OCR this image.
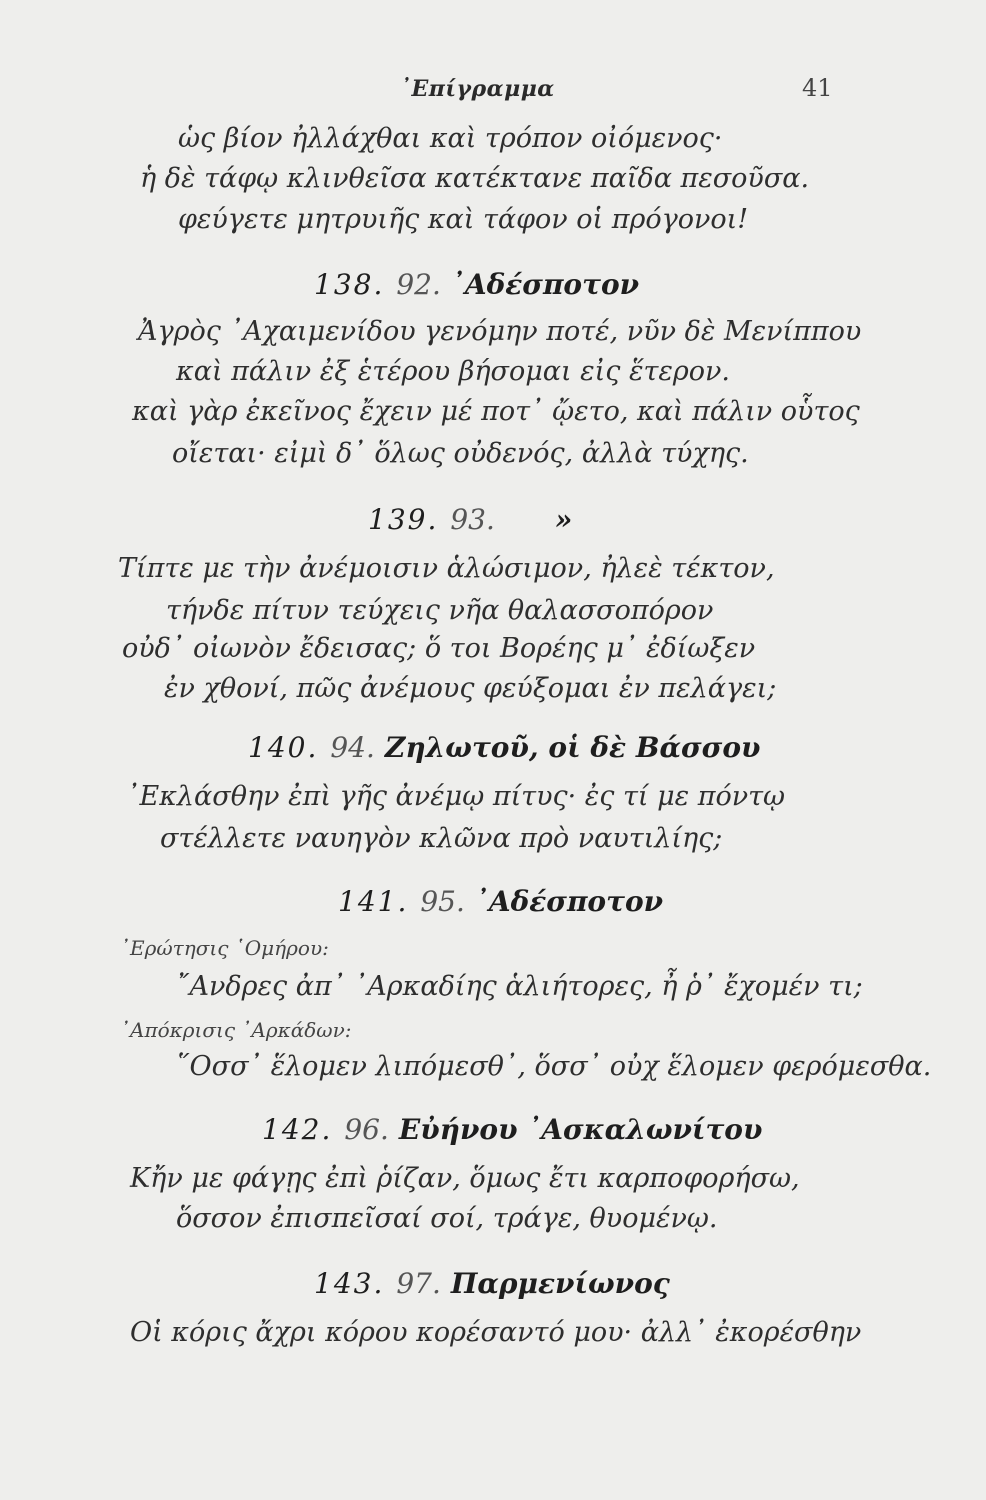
᾿Επίγραμμα	41
ὡς βίον ἠλλάχθαι καὶ τρόπον οἰόμενος·
ἡ δὲ τάφῳ κλινθεῖσα κατέκτανε παῖδα πεσοῦσα.
φεύγετε μητρυιῆς καὶ τάφον οἱ πρόγονοι!
138. 92. ᾿Αδέσποτον
Ἀγρὸς ᾿Αχαιμενίδου γενόμην ποτέ, νῦν δὲ Μενίππου
καὶ πάλιν ἐξ ἑτέρου βήσομαι εἰς ἕτερον.
καὶ γὰρ ἐκεῖνος ἔχειν μέ ποτ᾿ ᾤετο, καὶ πάλιν οὗτος
οἴεται· εἰμὶ δ᾿ ὅλως οὐδενός, ἀλλὰ τύχης.
139. 93. »
Τίπτε με τὴν ἀνέμοισιν ἁλώσιμον, ἠλεὲ τέκτον,
τήνδε πίτυν τεύχεις νῆα θαλασσοπόρον
οὐδ᾿ οἰωνὸν ἔδεισας; ὅ τοι Βορέης μ᾿ ἐδίωξεν
ἐν χθονί, πῶς ἀνέμους φεύξομαι ἐν πελάγει;
140. 94. Ζηλωτοῦ, οἱ δὲ Βάσσου
᾿Εκλάσθην ἐπὶ γῆς ἀνέμῳ πίτυς· ἐς τί με πόντῳ
στέλλετε ναυηγὸν κλῶνα πρὸ ναυτιλίης;
141. 95. ᾿Αδέσποτον
᾿Ερώτησις ῾Ομήρου:
῎Ανδρες ἀπ᾿ ᾿Αρκαδίης ἁλιήτορες, ἦ ῥ᾿ ἔχομέν τι;
᾿Απόκρισις ᾿Αρκάδων:
῞Οσσ᾿ ἕλομεν λιπόμεσθ᾿, ὅσσ᾿ οὐχ ἕλομεν φερόμεσθα.
142. 96. Εὐήνου ᾿Ασκαλωνίτου
Κἤν με φάγῃς ἐπὶ ῥίζαν, ὅμως ἔτι καρποφορήσω,
ὅσσον ἐπισπεῖσαί σοί, τράγε, θυομένῳ.
143. 97. Παρμενίωνος
Οἱ κόρις ἄχρι κόρου κορέσαντό μου· ἀλλ᾿ ἐκορέσθην
